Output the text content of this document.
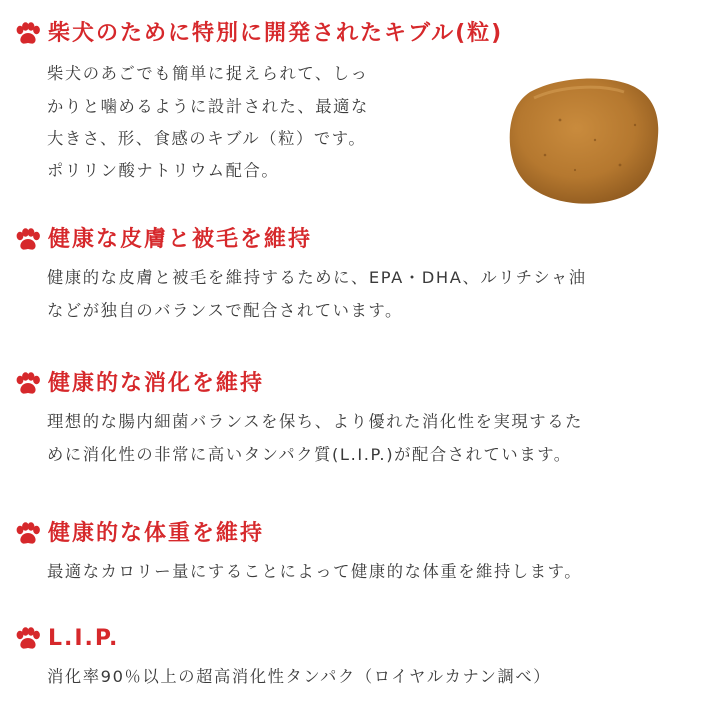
柴犬のために特別に開発されたキブル(粒)
柴犬のあごでも簡単に捉えられて、しっ
かりと噛めるように設計された、最適な
大きさ、形、食感のキブル（粒）です。
ポリリン酸ナトリウム配合。
健康な皮膚と被毛を維持
健康的な皮膚と被毛を維持するために、EPA・DHA、ルリチシャ油
などが独自のバランスで配合されています。
健康的な消化を維持
理想的な腸内細菌バランスを保ち、より優れた消化性を実現するた
めに消化性の非常に高いタンパク質(L.I.P.)が配合されています。
健康的な体重を維持
最適なカロリー量にすることによって健康的な体重を維持します。
L.I.P.
消化率90％以上の超高消化性タンパク（ロイヤルカナン調べ）
